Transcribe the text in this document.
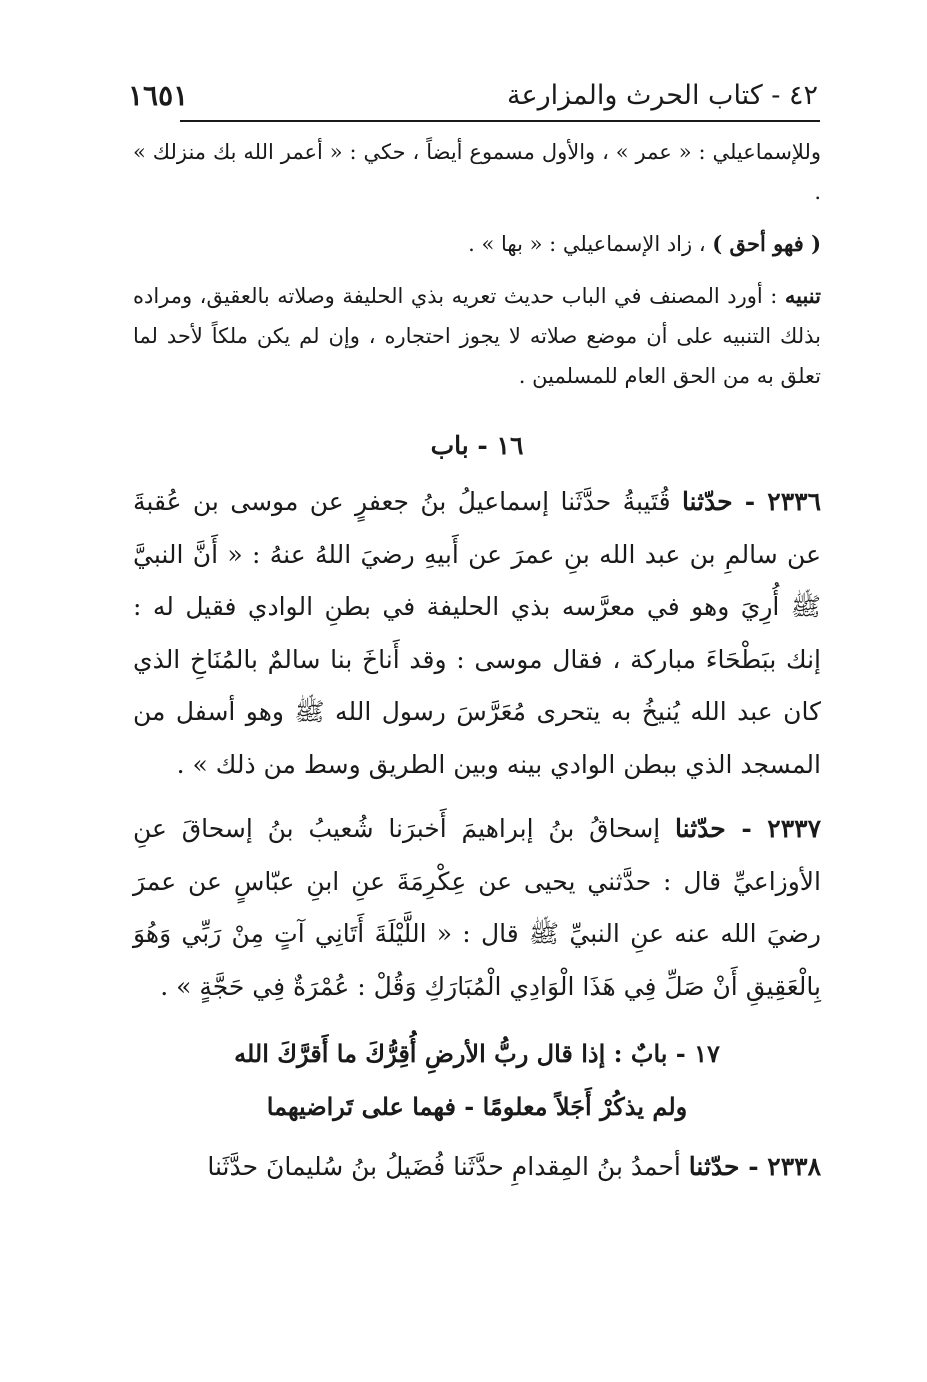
٤٢ - كتاب الحرث والمزارعة
١٦٥١

وللإسماعيلي : « عمر » ، والأول مسموع أيضاً ، حكي : « أعمر الله بك منزلك » .

( فهو أحق ) ، زاد الإسماعيلي : « بها » .

تنبيه : أورد المصنف في الباب حديث تعريه بذي الحليفة وصلاته بالعقيق، ومراده بذلك التنبيه على أن موضع صلاته لا يجوز احتجاره ، وإن لم يكن ملكاً لأحد لما تعلق به من الحق العام للمسلمين .

١٦ - باب

٢٣٣٦ - حدّثنا قُتَيبةُ حدَّثَنا إسماعيلُ بنُ جعفرٍ عن موسى بن عُقبةَ عن سالمِ بن عبد الله بنِ عمرَ عن أَبيهِ رضيَ اللهُ عنهُ : « أَنَّ النبيَّ ﷺ أُرِيَ وهو في معرَّسه بذي الحليفة في بطنِ الوادي فقيل له : إنك ببَطْحَاءَ مباركة ، فقال موسى : وقد أَناخَ بنا سالمٌ بالمُنَاخِ الذي كان عبد الله يُنيخُ به يتحرى مُعَرَّسَ رسول الله ﷺ وهو أسفل من المسجد الذي ببطن الوادي بينه وبين الطريق وسط من ذلك » .

٢٣٣٧ - حدّثنا إسحاقُ بنُ إبراهيمَ أَخبرَنا شُعيبُ بنُ إسحاقَ عنِ الأوزاعيِّ قال : حدَّثني يحيى عن عِكْرِمَةَ عنِ ابنِ عبّاسٍ عن عمرَ رضيَ الله عنه عنِ النبيِّ ﷺ قال : « اللَّيْلَةَ أَتَانِي آتٍ مِنْ رَبِّي وَهُوَ بِالْعَقِيقِ أَنْ صَلِّ فِي هَذَا الْوَادِي الْمُبَارَكِ وَقُلْ : عُمْرَةٌ فِي حَجَّةٍ » .

١٧ - بابٌ : إذا قال ربُّ الأرضِ أُقِرُّكَ ما أَقرَّكَ الله

ولم يذكُرْ أَجَلاً معلومًا - فهما على تَراضيهما

٢٣٣٨ - حدّثنا أحمدُ بنُ المِقدامِ حدَّثَنا فُضَيلُ بنُ سُليمانَ حدَّثَنا
